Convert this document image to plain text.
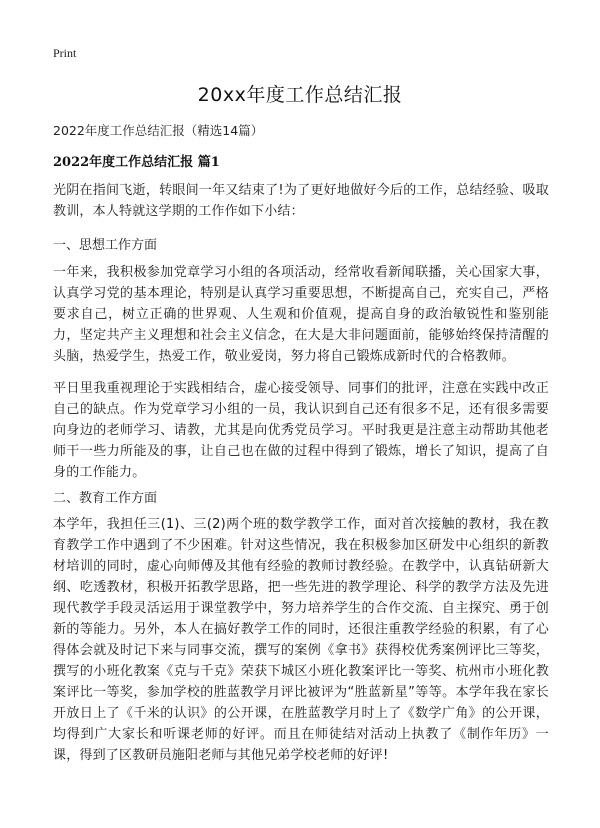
Print
20xx年度工作总结汇报
2022年度工作总结汇报（精选14篇）
2022年度工作总结汇报 篇1
光阴在指间飞逝，转眼间一年又结束了!为了更好地做好今后的工作，总结经验、吸取教训，本人特就这学期的工作作如下小结：
一、思想工作方面
一年来，我积极参加党章学习小组的各项活动，经常收看新闻联播，关心国家大事，认真学习党的基本理论，特别是认真学习重要思想，不断提高自己，充实自己，严格要求自己，树立正确的世界观、人生观和价值观，提高自身的政治敏锐性和鉴别能力，坚定共产主义理想和社会主义信念，在大是大非问题面前，能够始终保持清醒的头脑，热爱学生，热爱工作，敬业爱岗，努力将自己锻炼成新时代的合格教师。
平日里我重视理论于实践相结合，虚心接受领导、同事们的批评，注意在实践中改正自己的缺点。作为党章学习小组的一员，我认识到自己还有很多不足，还有很多需要向身边的老师学习、请教，尤其是向优秀党员学习。平时我更是注意主动帮助其他老师干一些力所能及的事，让自己也在做的过程中得到了锻炼，增长了知识，提高了自身的工作能力。
二、教育工作方面
本学年，我担任三(1)、三(2)两个班的数学教学工作，面对首次接触的教材，我在教育教学工作中遇到了不少困难。针对这些情况，我在积极参加区研发中心组织的新教材培训的同时，虚心向师傅及其他有经验的教师讨教经验。在教学中，认真钻研新大纲、吃透教材，积极开拓教学思路，把一些先进的教学理论、科学的教学方法及先进现代教学手段灵活运用于课堂教学中，努力培养学生的合作交流、自主探究、勇于创新的等能力。另外，本人在搞好教学工作的同时，还很注重教学经验的积累，有了心得体会就及时记下来与同事交流，撰写的案例《拿书》获得校优秀案例评比三等奖，撰写的小班化教案《克与千克》荣获下城区小班化教案评比一等奖、杭州市小班化教案评比一等奖，参加学校的胜蓝教学月评比被评为“胜蓝新星”等等。本学年我在家长开放日上了《千米的认识》的公开课，在胜蓝教学月时上了《数学广角》的公开课，均得到广大家长和听课老师的好评。而且在师徒结对活动上执教了《制作年历》一课，得到了区教研员施阳老师与其他兄弟学校老师的好评!
